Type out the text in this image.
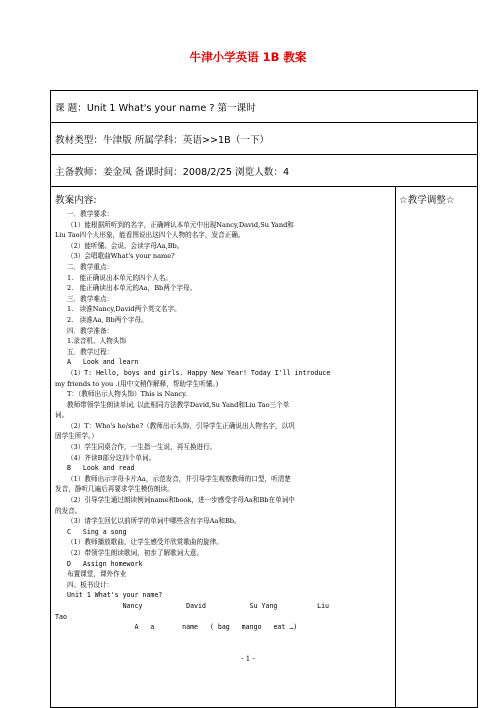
牛津小学英语 1B 教案
课 题：Unit 1 What's your name ? 第一课时
教材类型：牛津版 所属学科：英语>>1B（一下）
主备教师：姜金凤 备课时间：2008/2/25 浏览人数：4

教案内容:
一．教学要求：
（1）能根据所听到的名字，正确辨认本单元中出现Nancy,David,Su Yand和
Liu Tao四个人形象，能看图说出这四个人物的名字，发音正确。
（2）能听懂、会说、会读字母Aa,Bb。
（3）会唱歌曲What's your name?
二．教学重点：
1.   能正确说出本单元的四个人名。
2.   能正确读出本单元的Aa，Bb两个字母。
三．教学难点：
1.   读准Nancy,David两个英文名字。
2.   读准Aa, Bb两个字母。
四．教学准备：
1.录音机、人物头饰
五．教学过程：
A   Look and learn
（1）T: Hello, boys and girls. Happy New Year! Today I'll introduce
my friends to you .(用中文稍作解释，帮助学生听懂。)
T：（教师出示人物头饰）This is Nancy.
教师带领学生朗读单词, 以此相同方法教学David,Su Yand和Liu Tao三个单
词。
（2）T：Who's he/she?（教师出示头饰，引导学生正确说出人物名字，以巩
固学生所学。）
（3）学生同桌合作，一生指一生说，再互换进行。
（4）齐读B部分这四个单词。
B   Look and read
（1）教师出示字母卡片Aa，示范发音，并引导学生观察教师的口型，听清楚
发音，静听几遍后再要求学生模仿朗读。
（2）引导学生通过朗读例词name和book，进一步感受字母Aa和Bb在单词中
的发音。
（3）请学生回忆以前所学的单词中哪些含有字母Aa和Bb。
C   Sing a song
（1）教师播放歌曲，让学生感受并欣赏歌曲的旋律。
（2）带领学生朗读歌词，初步了解歌词大意。
D   Assign homework
布置课堂，课外作业
四、板书设计：
Unit 1 What's your name?
Nancy           David           Su Yang          Liu
Tao
A   a       name   ( bag   mango   eat …)

☆教学调整☆
- 1 -
